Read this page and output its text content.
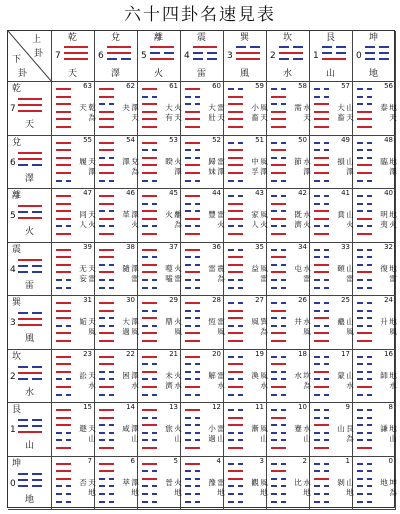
六十四卦名速見表
上
卦
下
卦
乾
7
天
兌
6
澤
離
5
火
震
4
雷
巽
3
風
坎
2
水
艮
1
山
坤
0
地
乾
7
天
63
乾
為
天
62
澤
天
夬
61
火
天
大
有
60
雷
天
大
壯
59
風
天
小
畜
58
水
天
需
57
山
天
大
畜
56
地
天
泰
兌
6
澤
55
天
澤
履
54
兌
為
澤
53
火
澤
睽
52
雷
澤
歸
妹
51
風
澤
中
孚
50
水
澤
節
49
山
澤
損
48
地
澤
臨
離
5
火
47
天
火
同
人
46
澤
火
革
45
離
為
火
44
雷
火
豐
43
風
火
家
人
42
水
火
既
濟
41
山
火
賁
40
地
火
明
夷
震
4
雷
39
天
雷
无
妄
38
澤
雷
隨
37
火
雷
噬
嗑
36
震
為
雷
35
風
雷
益
34
水
雷
屯
33
山
雷
頤
32
地
雷
復
巽
3
風
31
天
風
姤
30
澤
風
大
過
29
火
風
鼎
28
雷
風
恆
27
巽
為
風
26
水
風
井
25
山
風
蠱
24
地
風
升
坎
2
水
23
天
水
訟
22
澤
水
困
21
火
水
未
濟
20
雷
水
解
19
風
水
渙
18
坎
為
水
17
山
水
蒙
16
地
水
師
艮
1
山
15
天
山
遯
14
澤
山
咸
13
火
山
旅
12
雷
山
小
過
11
風
山
漸
10
水
山
蹇
9
艮
為
山
8
地
山
謙
坤
0
地
7
天
地
否
6
澤
地
萃
5
火
地
晉
4
雷
地
豫
3
風
地
觀
2
水
地
比
1
山
地
剝
0
坤
為
地
